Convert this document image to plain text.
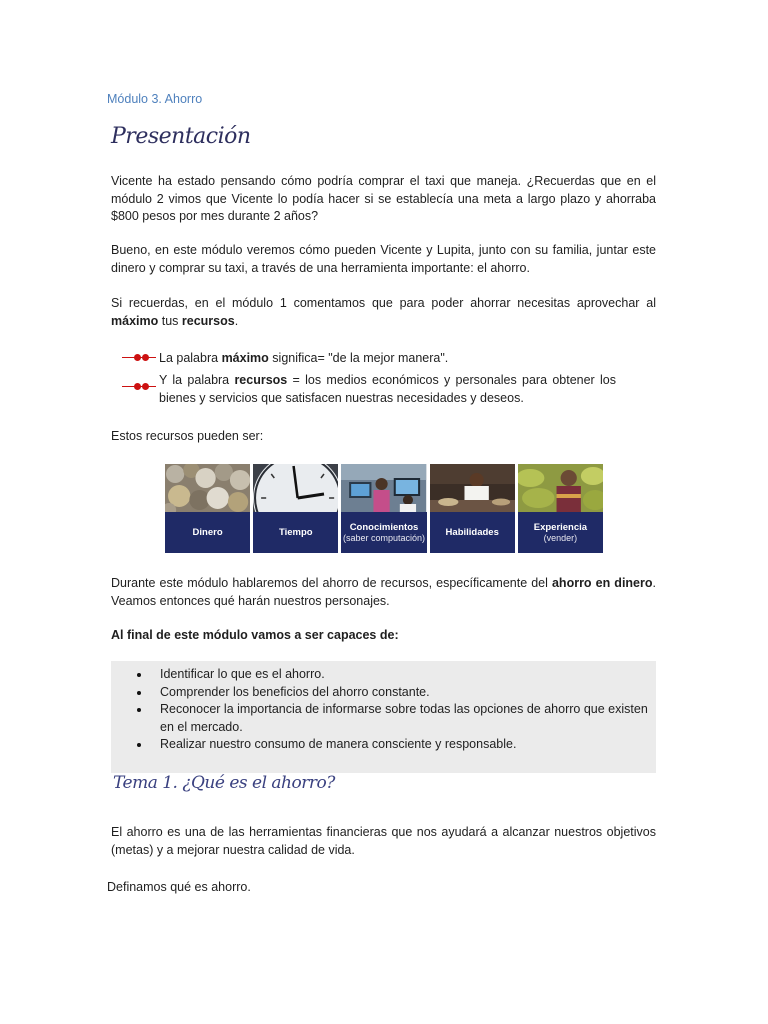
Módulo 3. Ahorro
Presentación
Vicente ha estado pensando cómo podría comprar el taxi que maneja. ¿Recuerdas que en el módulo 2 vimos que Vicente lo podía hacer si se establecía una meta a largo plazo y ahorraba $800 pesos por mes durante 2 años?
Bueno, en este módulo veremos cómo pueden Vicente y Lupita, junto con su familia, juntar este dinero y comprar su taxi, a través de una herramienta importante: el ahorro.
Si recuerdas, en el módulo 1 comentamos que para poder ahorrar necesitas aprovechar al máximo tus recursos.
La palabra máximo significa= "de la mejor manera".
Y la palabra recursos = los medios económicos y personales para obtener los bienes y servicios que satisfacen nuestras necesidades y deseos.
Estos recursos pueden ser:
Dinero	Tiempo	Conocimientos
(saber computación) Habilidades	Experiencia
(vender)
Durante este módulo hablaremos del ahorro de recursos, específicamente del ahorro en dinero. Veamos entonces qué harán nuestros personajes.
Al final de este módulo vamos a ser capaces de:
Identificar lo que es el ahorro.
Comprender los beneficios del ahorro constante.
Reconocer la importancia de informarse sobre todas las opciones de ahorro que existen en el mercado.
Realizar nuestro consumo de manera consciente y responsable.
Tema 1. ¿Qué es el ahorro?
El ahorro es una de las herramientas financieras que nos ayudará a alcanzar nuestros objetivos (metas) y a mejorar nuestra calidad de vida.
Definamos qué es ahorro.
